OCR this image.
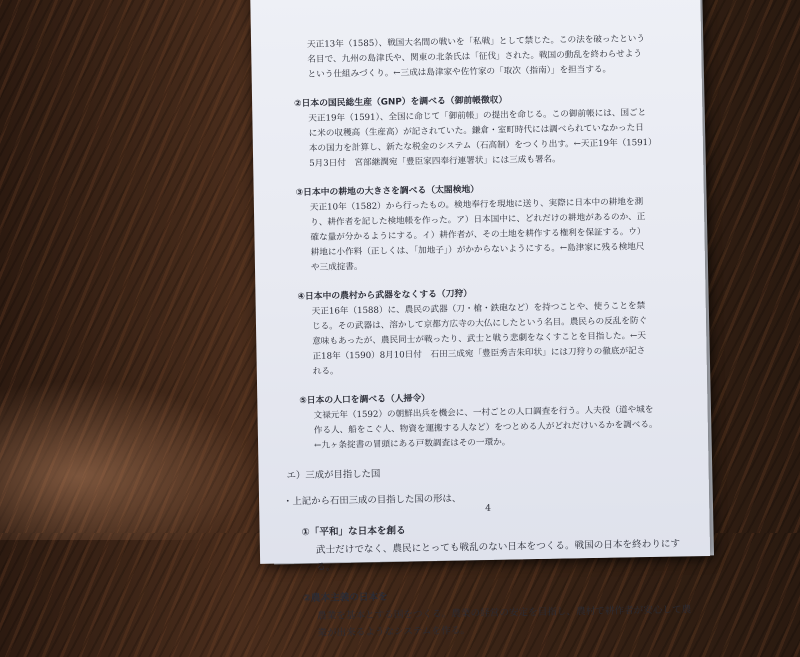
天正13年（1585）、戦国大名間の戦いを「私戦」として禁じた。この法を破ったという
名目で、九州の島津氏や、関東の北条氏は「征伐」された。戦国の動乱を終わらせよう
という仕組みづくり。←三成は島津家や佐竹家の「取次（指南）」を担当する。

②日本の国民総生産（GNP）を調べる（御前帳徴収）

天正19年（1591）、全国に命じて「御前帳」の提出を命じる。この御前帳には、国ごと
に米の収穫高（生産高）が記されていた。鎌倉・室町時代には調べられていなかった日
本の国力を計算し、新たな税金のシステム（石高制）をつくり出す。←天正19年（1591）
5月3日付　宮部継潤宛「豊臣家四奉行連署状」には三成も署名。

③日本中の耕地の大きさを調べる（太閤検地）

天正10年（1582）から行ったもの。検地奉行を現地に送り、実際に日本中の耕地を測
り、耕作者を記した検地帳を作った。ア）日本国中に、どれだけの耕地があるのか、正
確な量が分かるようにする。イ）耕作者が、その土地を耕作する権利を保証する。ウ）
耕地に小作料（正しくは、「加地子」）がかからないようにする。←島津家に残る検地尺
や三成掟書。

④日本中の農村から武器をなくする（刀狩）

天正16年（1588）に、農民の武器（刀・槍・鉄砲など）を持つことや、使うことを禁
じる。その武器は、溶かして京都方広寺の大仏にしたという名目。農民らの反乱を防ぐ
意味もあったが、農民同士が戦ったり、武士と戦う悲劇をなくすことを目指した。←天
正18年（1590）8月10日付　石田三成宛「豊臣秀吉朱印状」には刀狩りの徹底が記さ
れる。

⑤日本の人口を調べる（人掃令）

文禄元年（1592）の朝鮮出兵を機会に、一村ごとの人口調査を行う。人夫役（道や城を
作る人、船をこぐ人、物資を運搬する人など）をつとめる人がどれだけいるかを調べる。
←九ヶ条掟書の冒頭にある戸数調査はその一環か。

エ）三成が目指した国

・上記から石田三成の目指した国の形は、

①「平和」な日本を創る

武士だけでなく、農民にとっても戦乱のない日本をつくる。戦国の日本を終わりにする。

②農本主義の日本を

農業を基本とする国をつくる。農業の経営の安定を目指し、農村で耕作者が安心して農
業が出来るようなシステムを作る。

4
